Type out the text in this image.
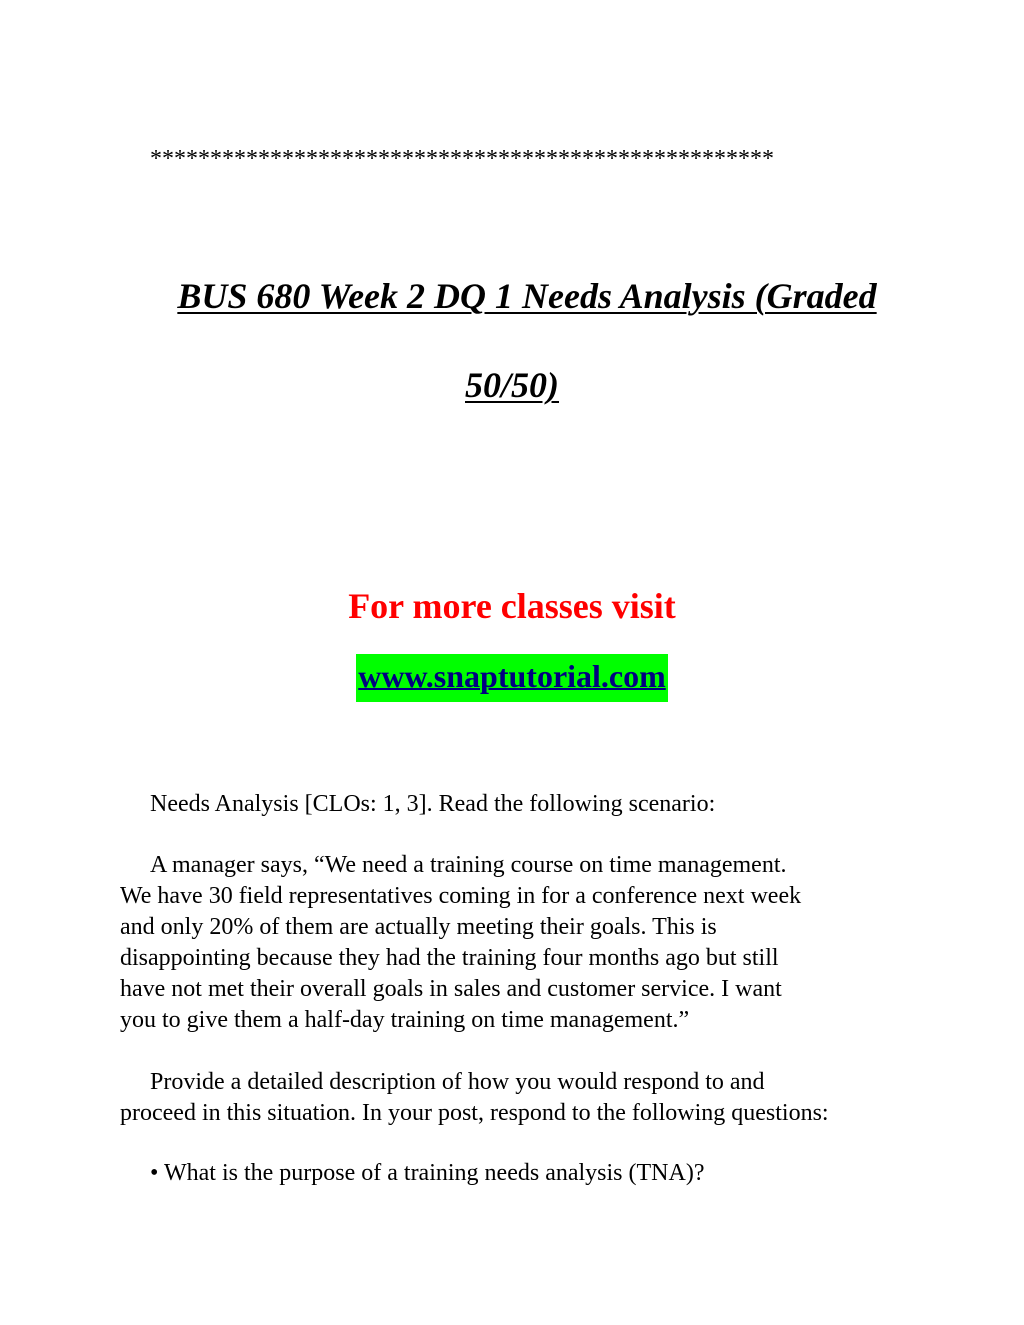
****************************************************
BUS 680 Week 2 DQ 1 Needs Analysis (Graded
50/50)
For more classes visit
www.snaptutorial.com
Needs Analysis [CLOs: 1, 3]. Read the following scenario:
A manager says, “We need a training course on time management.
We have 30 field representatives coming in for a conference next week
and only 20% of them are actually meeting their goals. This is
disappointing because they had the training four months ago but still
have not met their overall goals in sales and customer service. I want
you to give them a half-day training on time management.”
Provide a detailed description of how you would respond to and
proceed in this situation. In your post, respond to the following questions:
• What is the purpose of a training needs analysis (TNA)?
